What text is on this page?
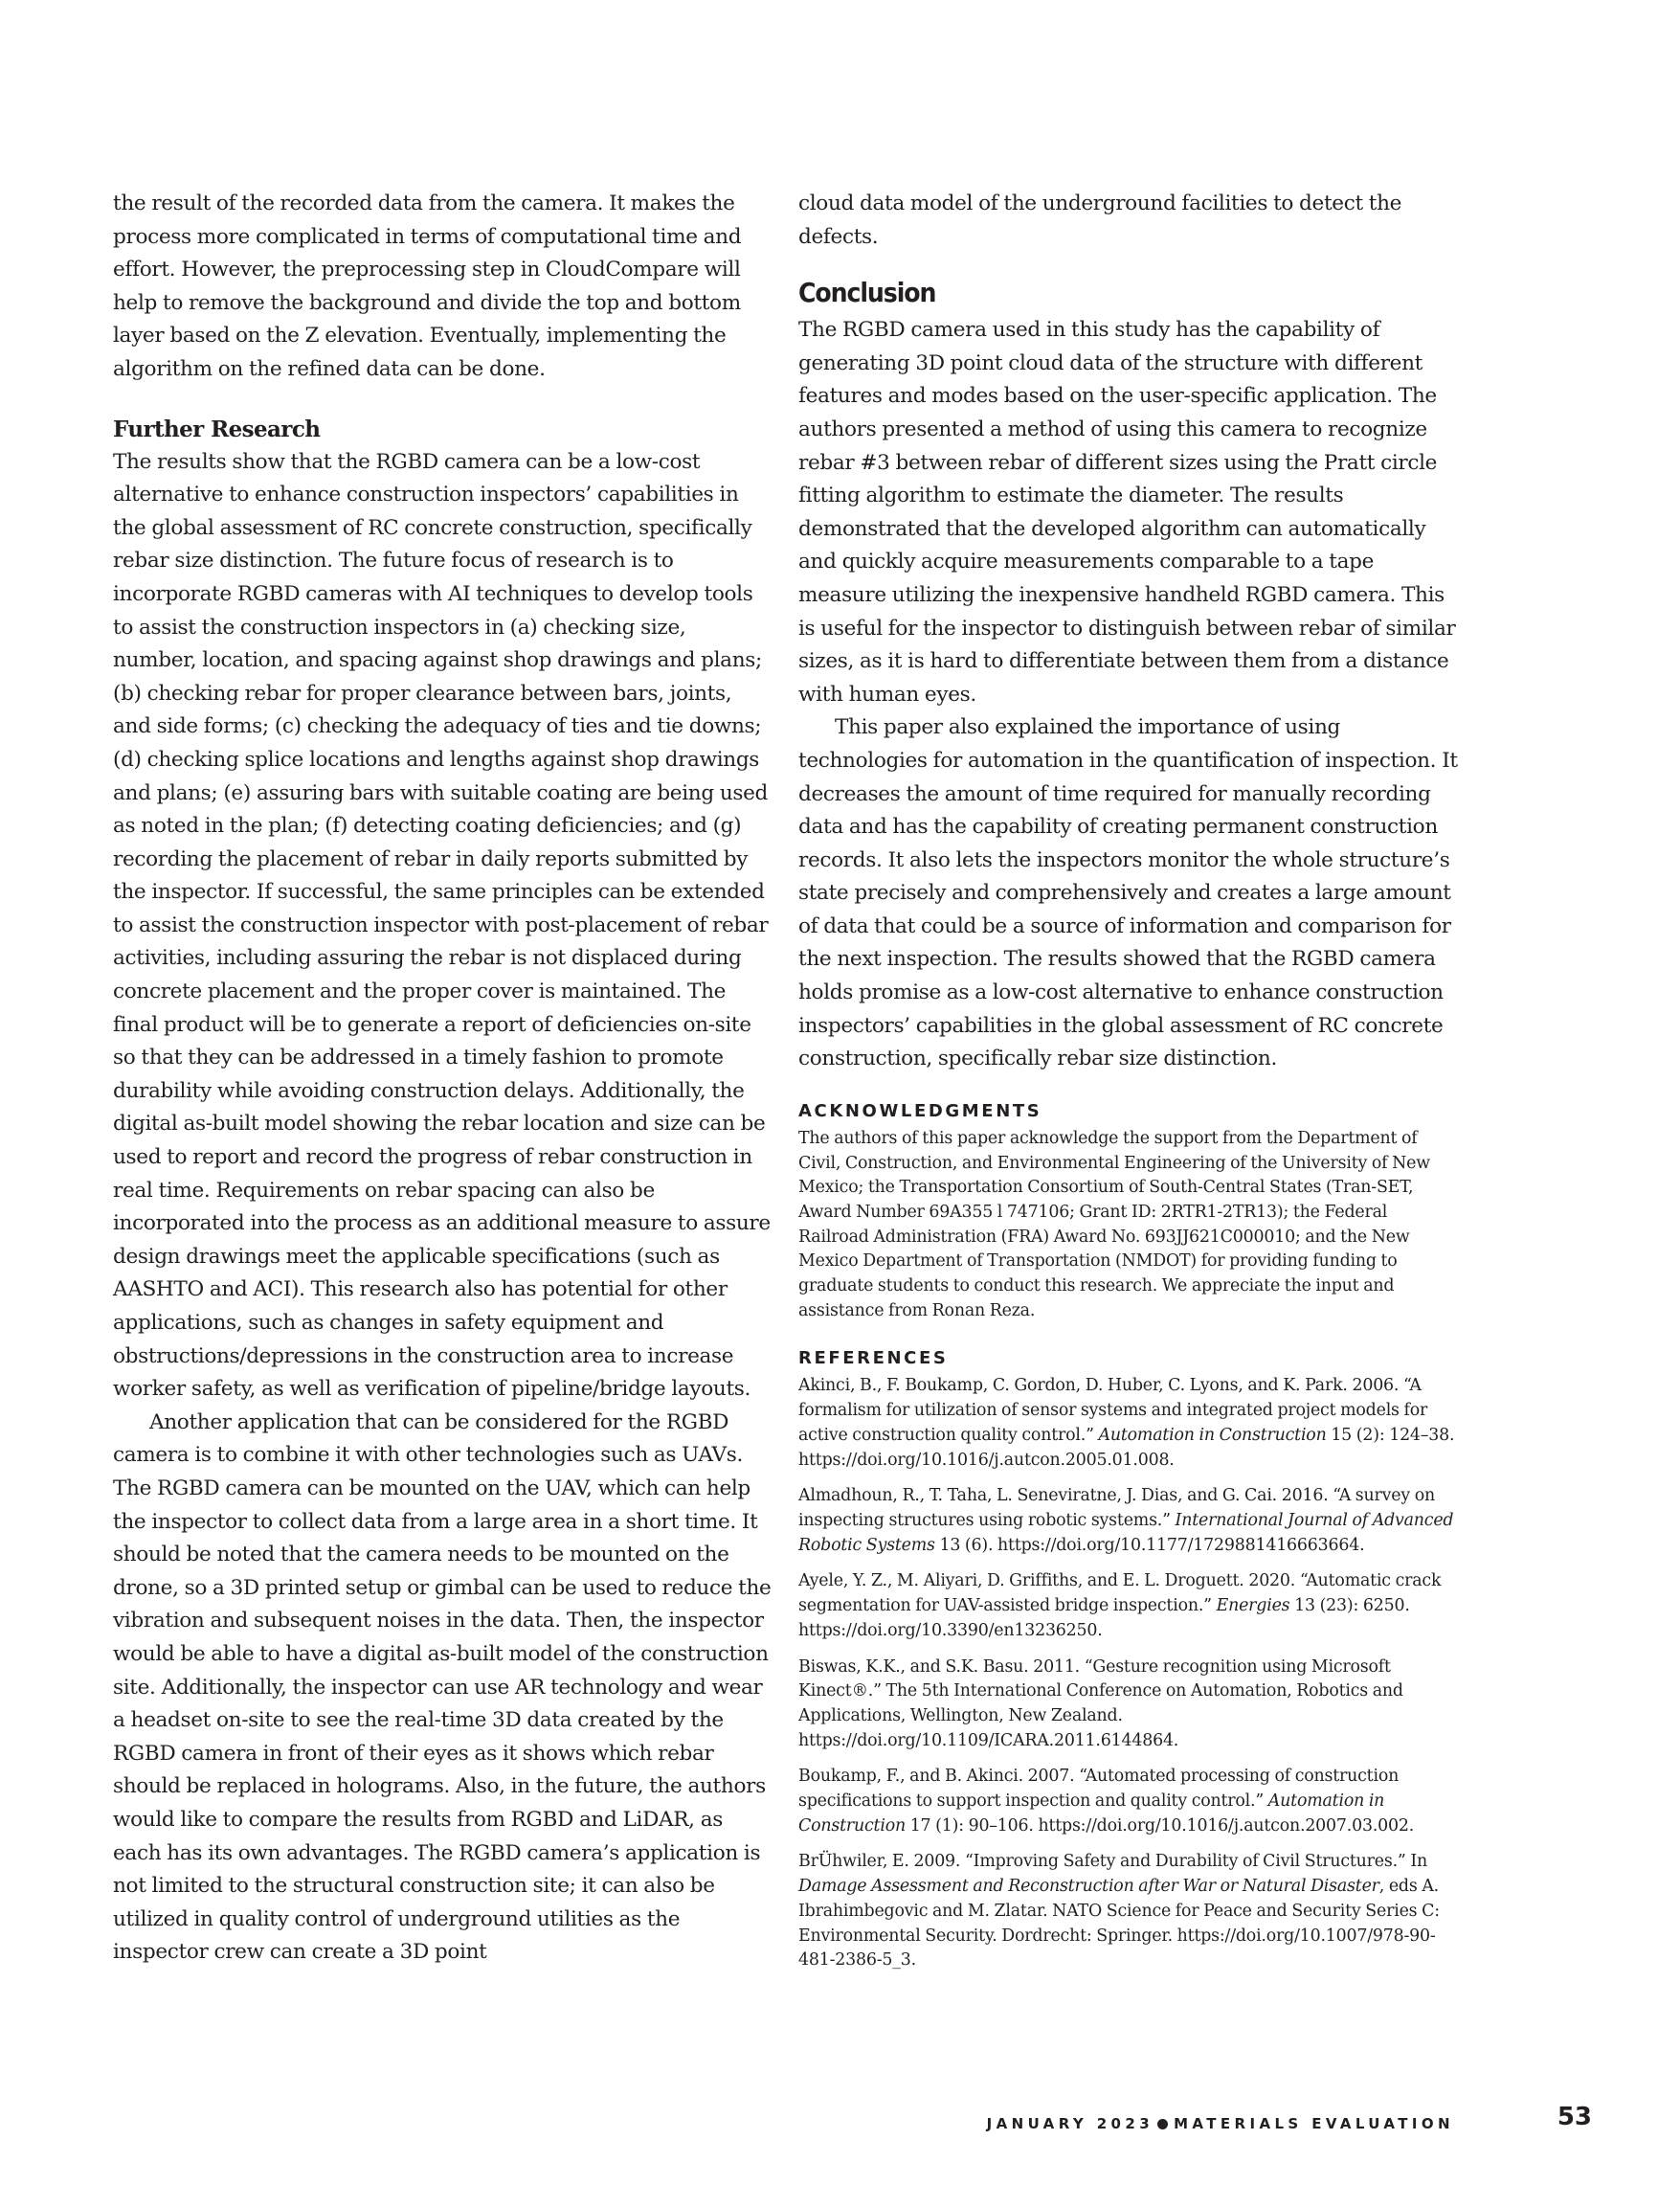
the result of the recorded data from the camera. It makes the process more complicated in terms of computational time and effort. However, the preprocessing step in CloudCompare will help to remove the background and divide the top and bottom layer based on the Z elevation. Eventually, implementing the algorithm on the refined data can be done.

Further Research

The results show that the RGBD camera can be a low-cost alternative to enhance construction inspectors’ capabilities in the global assessment of RC concrete construction, specifically rebar size distinction. The future focus of research is to incorporate RGBD cameras with AI techniques to develop tools to assist the construction inspectors in (a) checking size, number, location, and spacing against shop drawings and plans; (b) checking rebar for proper clearance between bars, joints, and side forms; (c) checking the adequacy of ties and tie downs; (d) checking splice locations and lengths against shop drawings and plans; (e) assuring bars with suitable coating are being used as noted in the plan; (f) detecting coating deficiencies; and (g) recording the placement of rebar in daily reports submitted by the inspector. If successful, the same principles can be extended to assist the construction inspector with post-placement of rebar activities, including assuring the rebar is not displaced during concrete placement and the proper cover is maintained. The final product will be to generate a report of deficiencies on-site so that they can be addressed in a timely fashion to promote durability while avoiding construction delays. Additionally, the digital as-built model showing the rebar location and size can be used to report and record the progress of rebar construction in real time. Requirements on rebar spacing can also be incorporated into the process as an additional measure to assure design drawings meet the applicable specifications (such as AASHTO and ACI). This research also has potential for other applications, such as changes in safety equipment and obstructions/depressions in the construction area to increase worker safety, as well as verification of pipeline/bridge layouts.

Another application that can be considered for the RGBD camera is to combine it with other technologies such as UAVs. The RGBD camera can be mounted on the UAV, which can help the inspector to collect data from a large area in a short time. It should be noted that the camera needs to be mounted on the drone, so a 3D printed setup or gimbal can be used to reduce the vibration and subsequent noises in the data. Then, the inspector would be able to have a digital as-built model of the construction site. Additionally, the inspector can use AR technology and wear a headset on-site to see the real-time 3D data created by the RGBD camera in front of their eyes as it shows which rebar should be replaced in holograms. Also, in the future, the authors would like to compare the results from RGBD and LiDAR, as each has its own advantages. The RGBD camera’s application is not limited to the structural construction site; it can also be utilized in quality control of underground utilities as the inspector crew can create a 3D point

cloud data model of the underground facilities to detect the defects.

Conclusion

The RGBD camera used in this study has the capability of generating 3D point cloud data of the structure with different features and modes based on the user-specific application. The authors presented a method of using this camera to recognize rebar #3 between rebar of different sizes using the Pratt circle fitting algorithm to estimate the diameter. The results demonstrated that the developed algorithm can automatically and quickly acquire measurements comparable to a tape measure utilizing the inexpensive handheld RGBD camera. This is useful for the inspector to distinguish between rebar of similar sizes, as it is hard to differentiate between them from a distance with human eyes.

This paper also explained the importance of using technologies for automation in the quantification of inspection. It decreases the amount of time required for manually recording data and has the capability of creating permanent construction records. It also lets the inspectors monitor the whole structure’s state precisely and comprehensively and creates a large amount of data that could be a source of information and comparison for the next inspection. The results showed that the RGBD camera holds promise as a low-cost alternative to enhance construction inspectors’ capabilities in the global assessment of RC concrete construction, specifically rebar size distinction.

ACKNOWLEDGMENTS

The authors of this paper acknowledge the support from the Department of Civil, Construction, and Environmental Engineering of the University of New Mexico; the Transportation Consortium of South-Central States (Tran-SET, Award Number 69A355 l 747106; Grant ID: 2RTR1-2TR13); the Federal Railroad Administration (FRA) Award No. 693JJ621C000010; and the New Mexico Department of Transportation (NMDOT) for providing funding to graduate students to conduct this research. We appreciate the input and assistance from Ronan Reza.

REFERENCES

Akinci, B., F. Boukamp, C. Gordon, D. Huber, C. Lyons, and K. Park. 2006. “A formalism for utilization of sensor systems and integrated project models for active construction quality control.” Automation in Construction 15 (2): 124–38. https://doi.org/10.1016/j.autcon.2005.01.008.

Almadhoun, R., T. Taha, L. Seneviratne, J. Dias, and G. Cai. 2016. “A survey on inspecting structures using robotic systems.” International Journal of Advanced Robotic Systems 13 (6). https://doi.org/10.1177/1729881416663664.

Ayele, Y. Z., M. Aliyari, D. Griffiths, and E. L. Droguett. 2020. “Automatic crack segmentation for UAV-assisted bridge inspection.” Energies 13 (23): 6250. https://doi.org/10.3390/en13236250.

Biswas, K.K., and S.K. Basu. 2011. “Gesture recognition using Microsoft Kinect®.” The 5th International Conference on Automation, Robotics and Applications, Wellington, New Zealand. https://doi.org/10.1109/ICARA.2011.6144864.

Boukamp, F., and B. Akinci. 2007. “Automated processing of construction specifications to support inspection and quality control.” Automation in Construction 17 (1): 90–106. https://doi.org/10.1016/j.autcon.2007.03.002.

BrÜhwiler, E. 2009. “Improving Safety and Durability of Civil Structures.” In Damage Assessment and Reconstruction after War or Natural Disaster, eds A. Ibrahimbegovic and M. Zlatar. NATO Science for Peace and Security Series C: Environmental Security. Dordrecht: Springer. https://doi.org/10.1007/978-90-481-2386-5_3.

JANUARY 2023 MATERIALS EVALUATION	53
